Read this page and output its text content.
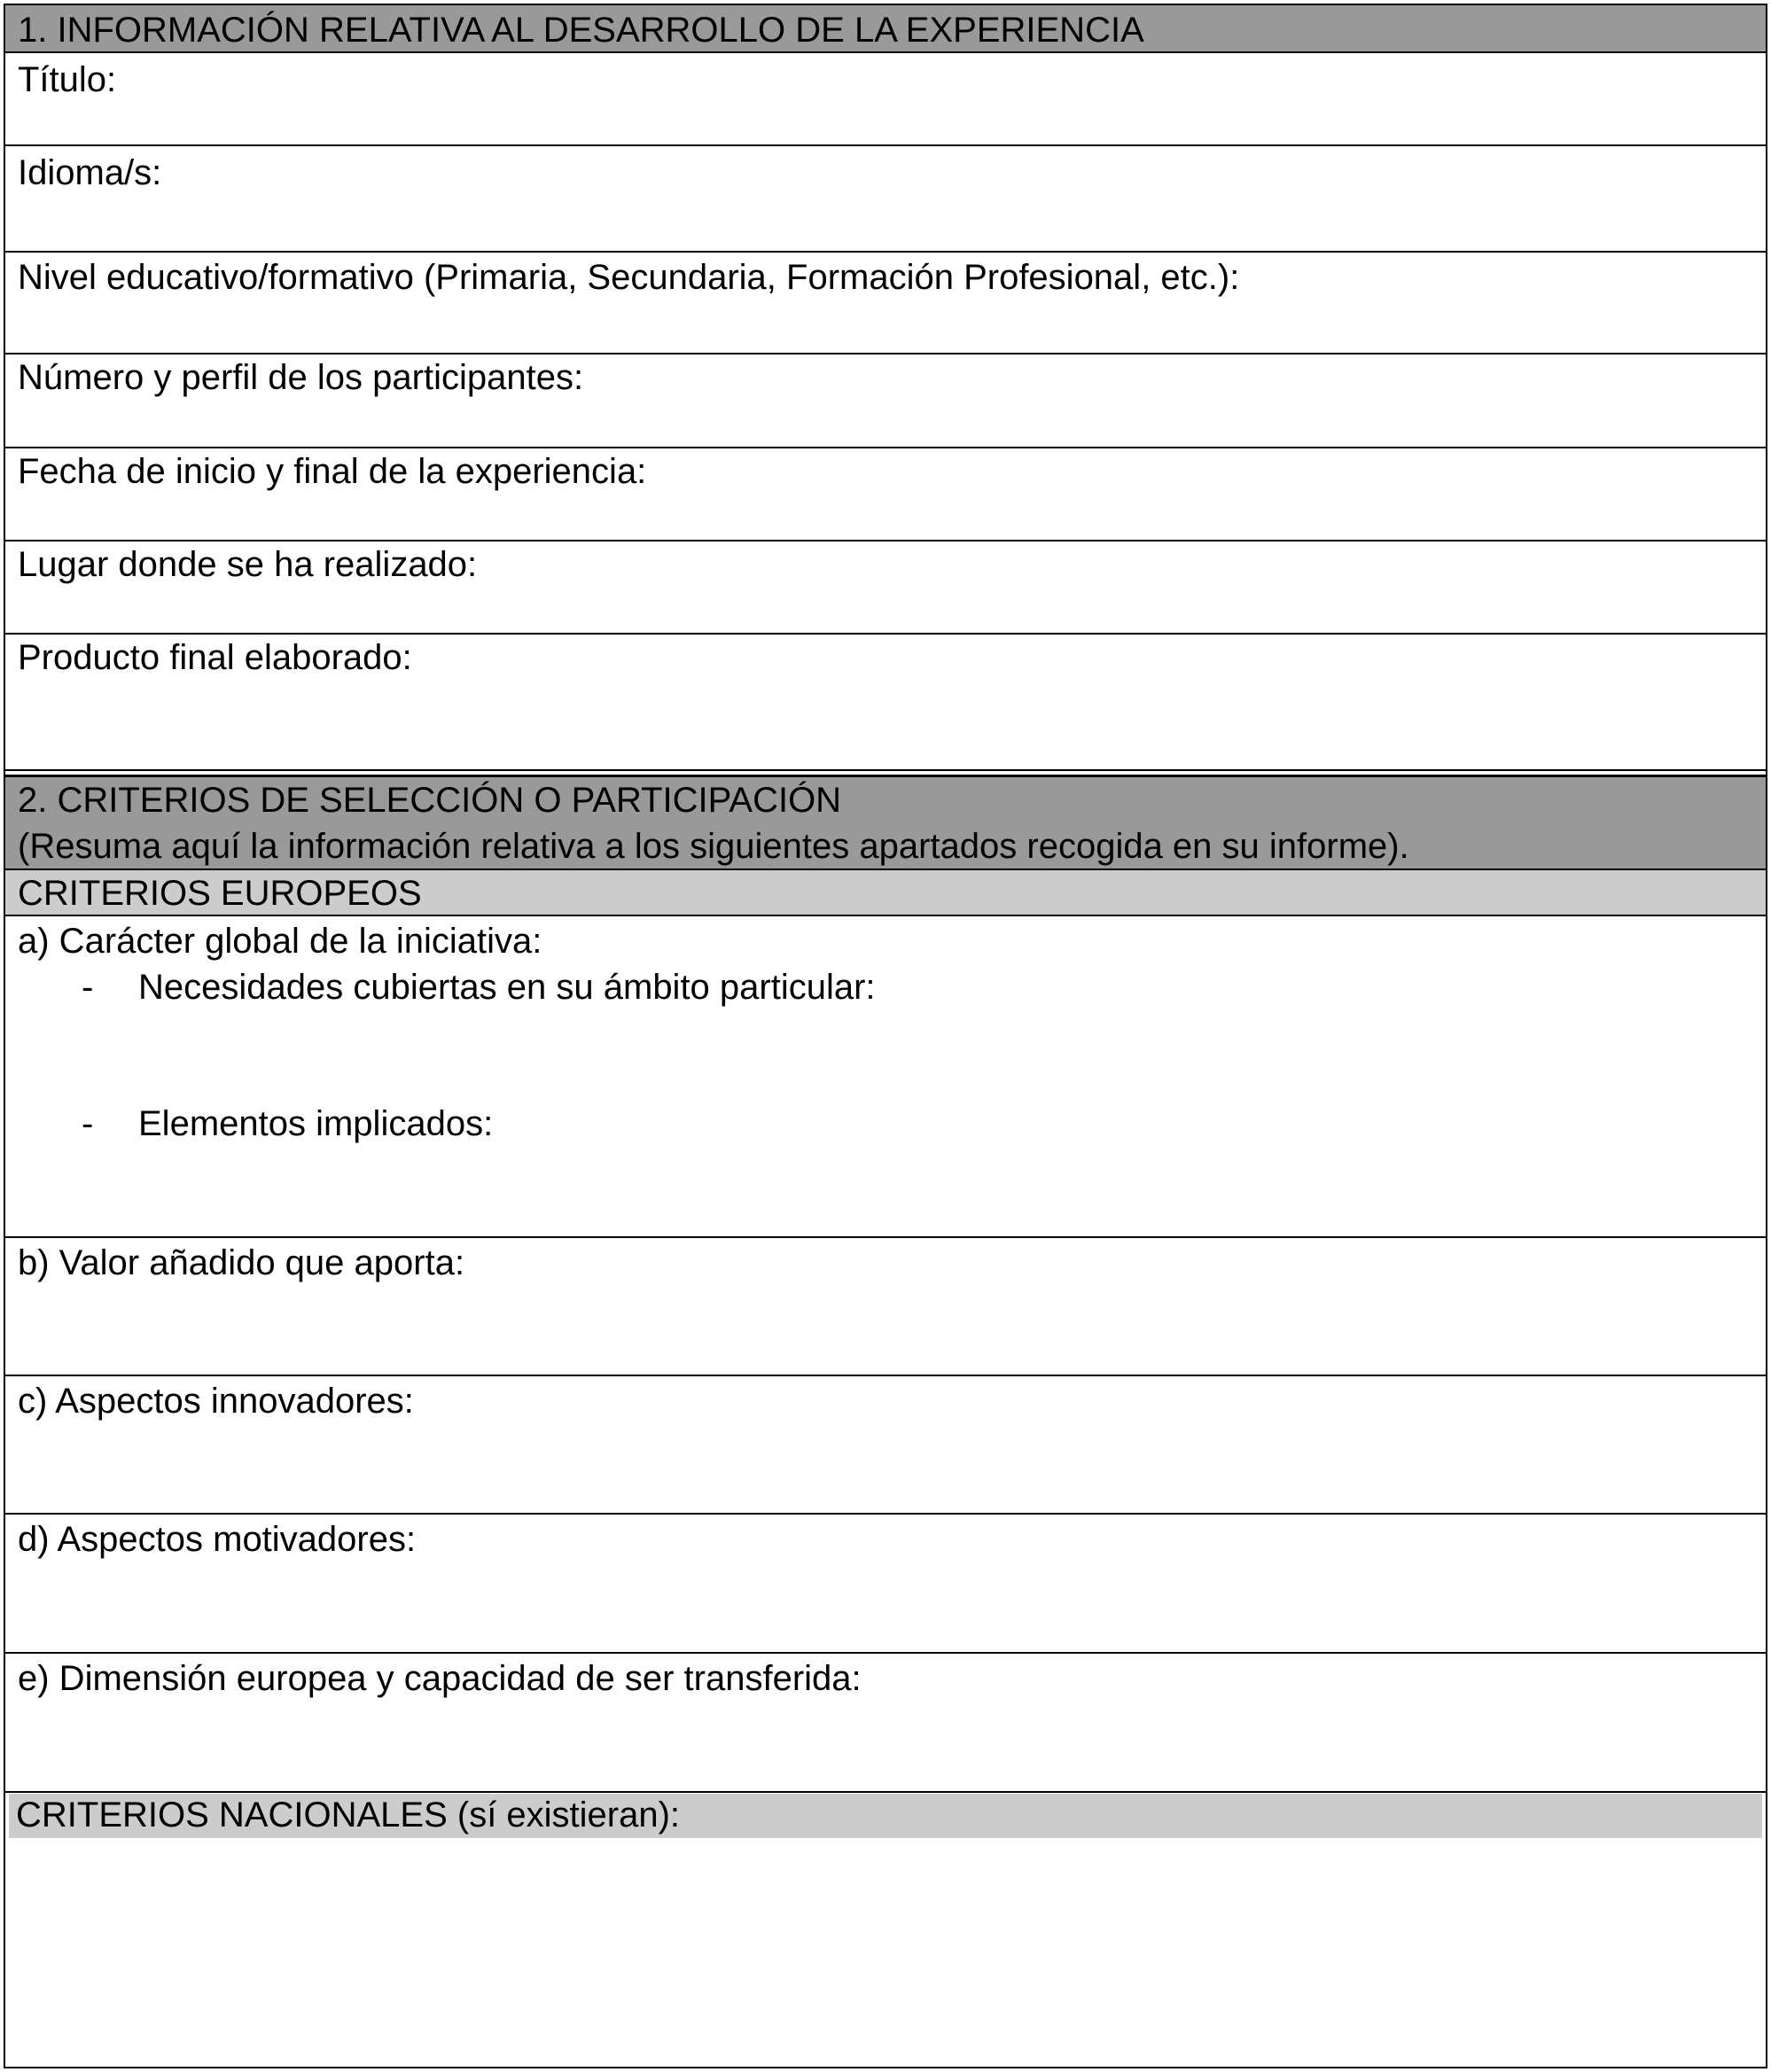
1. INFORMACIÓN RELATIVA AL DESARROLLO DE LA EXPERIENCIA
Título:
Idioma/s:
Nivel educativo/formativo (Primaria, Secundaria, Formación Profesional, etc.):
Número y perfil de los participantes:
Fecha de inicio y final de la experiencia:
Lugar donde se ha realizado:
Producto final elaborado:
2. CRITERIOS DE SELECCIÓN O PARTICIPACIÓN
(Resuma aquí la información relativa a los siguientes apartados recogida en su informe).
CRITERIOS EUROPEOS
a) Carácter global de la iniciativa:
- Necesidades cubiertas en su ámbito particular:
- Elementos implicados:
b) Valor añadido que aporta:
c) Aspectos innovadores:
d) Aspectos motivadores:
e) Dimensión europea y capacidad de ser transferida:
CRITERIOS NACIONALES (sí existieran):
